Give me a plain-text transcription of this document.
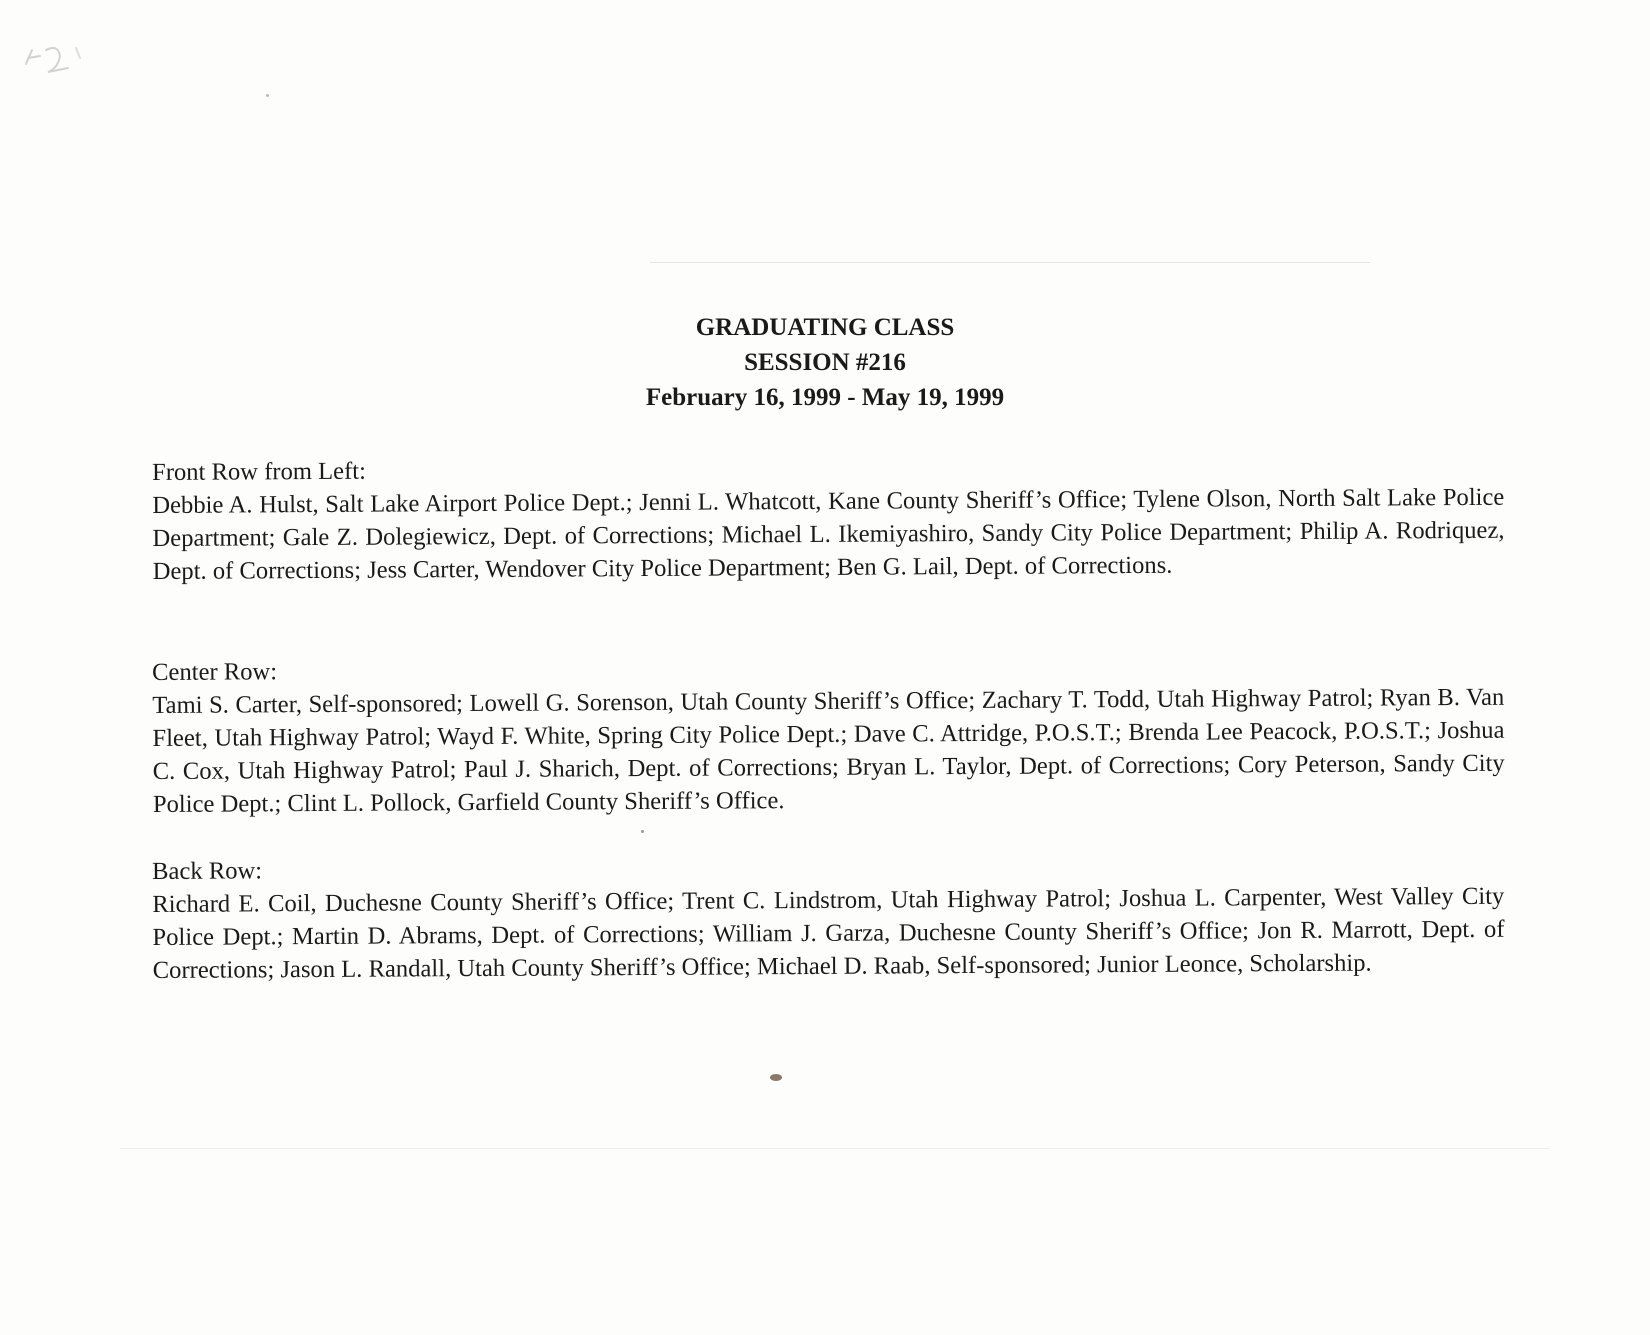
GRADUATING CLASS
SESSION #216
February 16, 1999 - May 19, 1999

Front Row from Left:

Debbie A. Hulst, Salt Lake Airport Police Dept.; Jenni L. Whatcott, Kane County Sheriff’s Office; Tylene Olson, North Salt Lake Police Department; Gale Z. Dolegiewicz, Dept. of Corrections; Michael L. Ikemiyashiro, Sandy City Police Department; Philip A. Rodriquez, Dept. of Corrections; Jess Carter, Wendover City Police Department; Ben G. Lail, Dept. of Corrections.

Center Row:

Tami S. Carter, Self-sponsored; Lowell G. Sorenson, Utah County Sheriff’s Office; Zachary T. Todd, Utah Highway Patrol; Ryan B. Van Fleet, Utah Highway Patrol; Wayd F. White, Spring City Police Dept.; Dave C. Attridge, P.O.S.T.; Brenda Lee Peacock, P.O.S.T.; Joshua C. Cox, Utah Highway Patrol; Paul J. Sharich, Dept. of Corrections; Bryan L. Taylor, Dept. of Corrections; Cory Peterson, Sandy City Police Dept.; Clint L. Pollock, Garfield County Sheriff’s Office.

Back Row:

Richard E. Coil, Duchesne County Sheriff’s Office; Trent C. Lindstrom, Utah Highway Patrol; Joshua L. Carpenter, West Valley City Police Dept.; Martin D. Abrams, Dept. of Corrections; William J. Garza, Duchesne County Sheriff’s Office; Jon R. Marrott, Dept. of Corrections; Jason L. Randall, Utah County Sheriff’s Office; Michael D. Raab, Self-sponsored; Junior Leonce, Scholarship.
